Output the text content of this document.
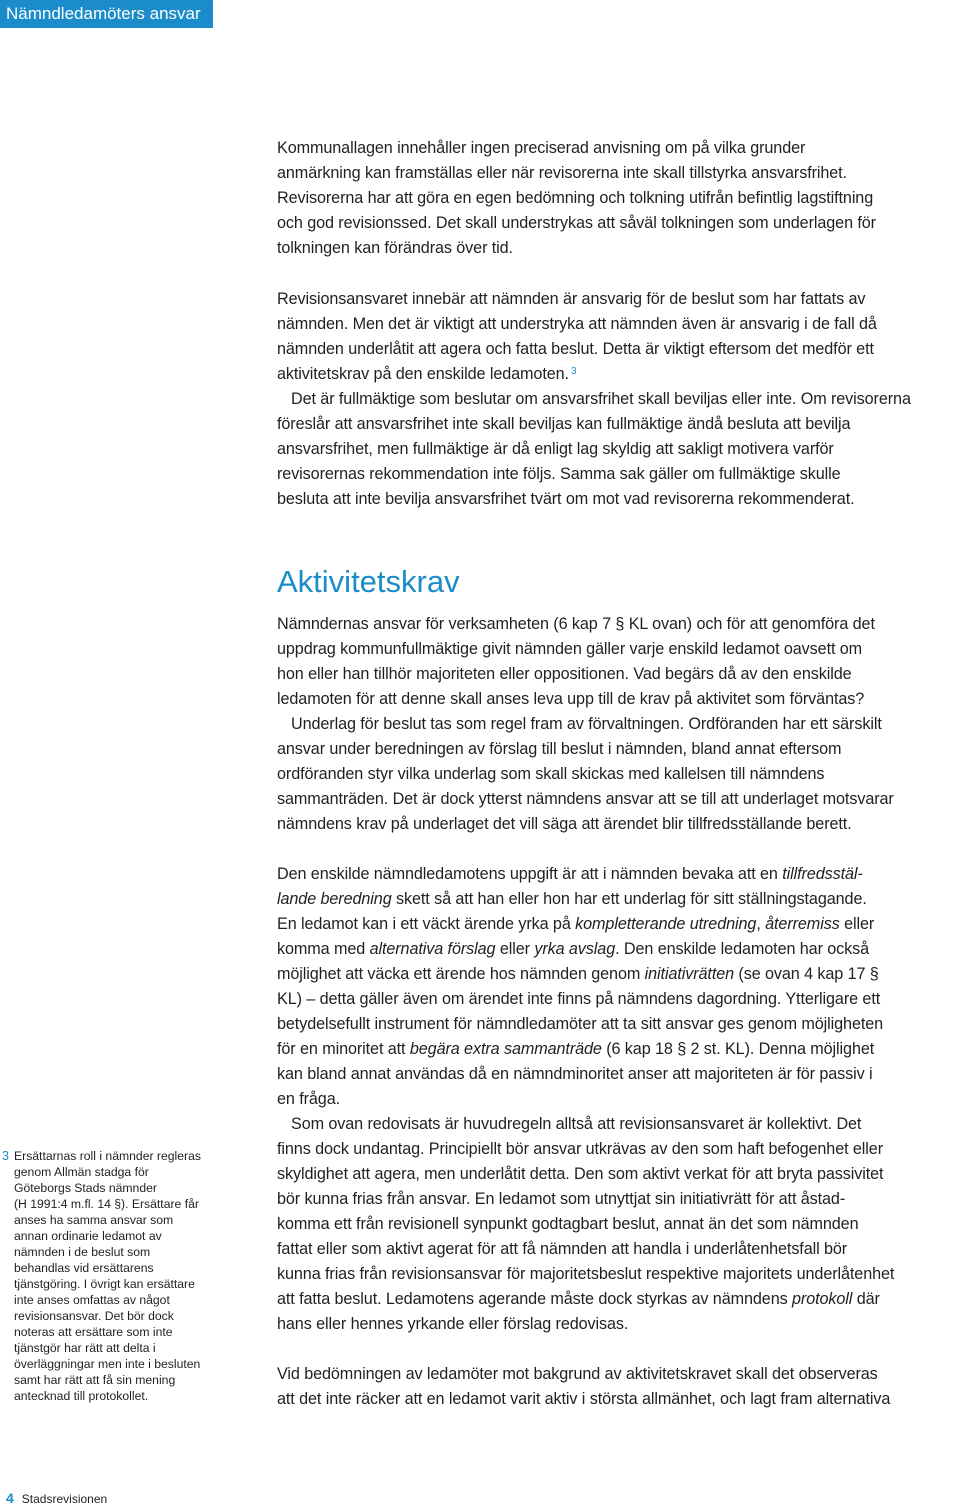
Nämndledamöters ansvar
Kommunallagen innehåller ingen preciserad anvisning om på vilka grunder
anmärkning kan framställas eller när revisorerna inte skall tillstyrka ansvarsfrihet.
Revisorerna har att göra en egen bedömning och tolkning utifrån befintlig lagstiftning
och god revisionssed. Det skall understrykas att såväl tolkningen som underlagen för
tolkningen kan förändras över tid.
Revisionsansvaret innebär att nämnden är ansvarig för de beslut som har fattats av
nämnden. Men det är viktigt att understryka att nämnden även är ansvarig i de fall då
nämnden underlåtit att agera och fatta beslut. Detta är viktigt eftersom det medför ett
aktivitetskrav på den enskilde ledamoten. $^3$
Det är fullmäktige som beslutar om ansvarsfrihet skall beviljas eller inte. Om revisorerna
föreslår att ansvarsfrihet inte skall beviljas kan fullmäktige ändå besluta att bevilja
ansvarsfrihet, men fullmäktige är då enligt lag skyldig att sakligt motivera varför
revisorernas rekommendation inte följs. Samma sak gäller om fullmäktige skulle
besluta att inte bevilja ansvarsfrihet tvärt om mot vad revisorerna rekommenderat.
Aktivitetskrav
Nämndernas ansvar för verksamheten (6 kap 7 § KL ovan) och för att genomföra det
uppdrag kommunfullmäktige givit nämnden gäller varje enskild ledamot oavsett om
hon eller han tillhör majoriteten eller oppositionen. Vad begärs då av den enskilde
ledamoten för att denne skall anses leva upp till de krav på aktivitet som förväntas?
Underlag för beslut tas som regel fram av förvaltningen. Ordföranden har ett särskilt
ansvar under beredningen av förslag till beslut i nämnden, bland annat eftersom
ordföranden styr vilka underlag som skall skickas med kallelsen till nämndens
sammanträden. Det är dock ytterst nämndens ansvar att se till att underlaget motsvarar
nämndens krav på underlaget det vill säga att ärendet blir tillfredsställande berett.
Den enskilde nämndledamotens uppgift är att i nämnden bevaka att en tillfredsstäl-
lande beredning skett så att han eller hon har ett underlag för sitt ställningstagande.
En ledamot kan i ett väckt ärende yrka på kompletterande utredning, återremiss eller
komma med alternativa förslag eller yrka avslag. Den enskilde ledamoten har också
möjlighet att väcka ett ärende hos nämnden genom initiativrätten (se ovan 4 kap 17 §
KL) – detta gäller även om ärendet inte finns på nämndens dagordning. Ytterligare ett
betydelsefullt instrument för nämndledamöter att ta sitt ansvar ges genom möjligheten
för en minoritet att begära extra sammanträde (6 kap 18 § 2 st. KL). Denna möjlighet
kan bland annat användas då en nämndminoritet anser att majoriteten är för passiv i
en fråga.
Som ovan redovisats är huvudregeln alltså att revisionsansvaret är kollektivt. Det
finns dock undantag. Principiellt bör ansvar utkrävas av den som haft befogenhet eller
skyldighet att agera, men underlåtit detta. Den som aktivt verkat för att bryta passivitet
bör kunna frias från ansvar. En ledamot som utnyttjat sin initiativrätt för att åstad-
komma ett från revisionell synpunkt godtagbart beslut, annat än det som nämnden
fattat eller som aktivt agerat för att få nämnden att handla i underlåtenhetsfall bör
kunna frias från revisionsansvar för majoritetsbeslut respektive majoritets underlåtenhet
att fatta beslut. Ledamotens agerande måste dock styrkas av nämndens protokoll där
hans eller hennes yrkande eller förslag redovisas.
Vid bedömningen av ledamöter mot bakgrund av aktivitetskravet skall det observeras
att det inte räcker att en ledamot varit aktiv i största allmänhet, och lagt fram alternativa
3 Ersättarnas roll i nämnder regleras
genom Allmän stadga för
Göteborgs Stads nämnder
(H 1991:4 m.fl. 14 §). Ersättare får
anses ha samma ansvar som
annan ordinarie ledamot av
nämnden i de beslut som
behandlas vid ersättarens
tjänstgöring. I övrigt kan ersättare
inte anses omfattas av något
revisionsansvar. Det bör dock
noteras att ersättare som inte
tjänstgör har rätt att delta i
överläggningar men inte i besluten
samt har rätt att få sin mening
antecknad till protokollet.
4 Stadsrevisionen
